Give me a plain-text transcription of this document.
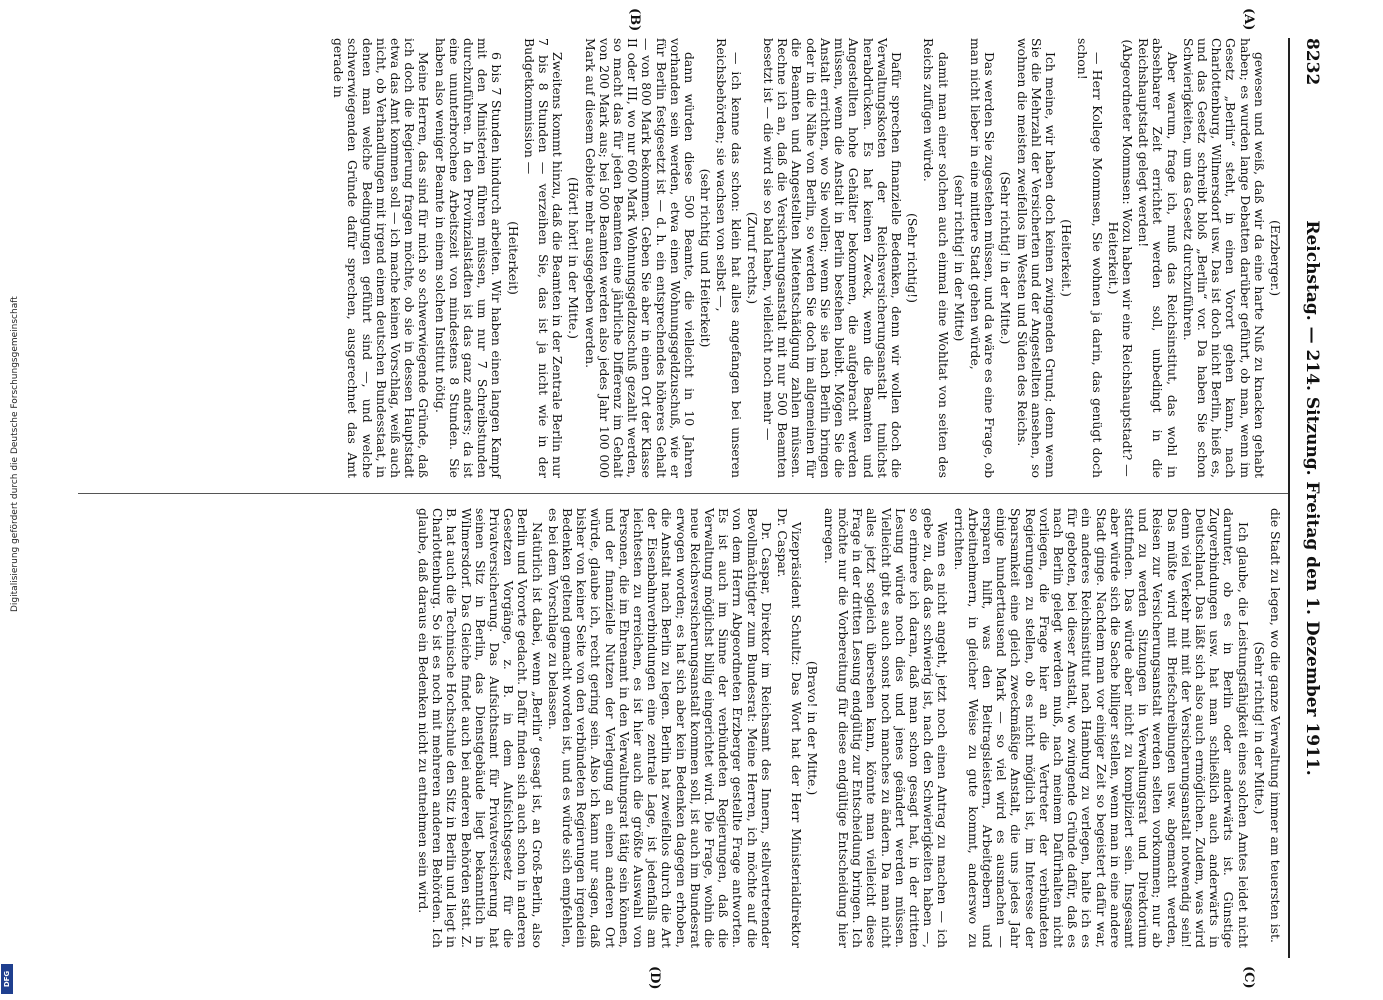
8232
Reichstag. — 214. Sitzung. Freitag den 1. Dezember 1911.
(A)
(B)
(C)
(D)

(Erzberger.)

gewesen und weiß, daß wir da eine harte Nuß zu knacken gehabt haben; es wurden lange Debatten darüber geführt, ob man, wenn im Gesetz „Berlin“ steht, in einen Vorort gehen kann, nach Charlottenburg, Wilmersdorf usw. Das ist doch nicht Berlin, hieß es, und das Gesetz schreibt bloß „Berlin“ vor. Da haben Sie schon Schwierigkeiten, um das Gesetz durchzuführen.

Aber warum, frage ich, muß das Reichsinstitut, das wohl in absehbarer Zeit errichtet werden soll, unbedingt in die Reichshauptstadt gelegt werden!

(Abgeordneter Mommsen: Wozu haben wir eine Reichshauptstadt? — Heiterkeit.)

— Herr Kollege Mommsen, Sie wohnen ja darin, das genügt doch schon!

(Heiterkeit.)

Ich meine, wir haben doch keinen zwingenden Grund; denn wenn Sie die Mehrzahl der Versicherten und der Angestellten ansehen, so wohnen die meisten zweifellos im Westen und Süden des Reichs.

(Sehr richtig! in der Mitte.)

Das werden Sie zugestehen müssen, und da wäre es eine Frage, ob man nicht lieber in eine mittlere Stadt gehen würde,

(sehr richtig! in der Mitte)

damit man einer solchen auch einmal eine Wohltat von seiten des Reichs zufügen würde.

(Sehr richtig!)

Dafür sprechen finanzielle Bedenken, denn wir wollen doch die Verwaltungskosten der Reichsversicherungsanstalt tunlichst herabdrücken. Es hat keinen Zweck, wenn die Beamten und Angestellten hohe Gehälter bekommen, die aufgebracht werden müssen, wenn die Anstalt in Berlin bestehen bleibt. Mögen Sie die Anstalt errichten, wo Sie wollen; wenn Sie sie nach Berlin bringen oder in die Nähe von Berlin, so werden Sie doch im allgemeinen für die Beamten und Angestellten Mietentschädigung zahlen müssen. Rechne ich an, daß die Versicherungsanstalt mit nur 500 Beamten besetzt ist — die wird sie so bald haben, vielleicht noch mehr —

(Zuruf rechts.)

— ich kenne das schon: klein hat alles angefangen bei unseren Reichsbehörden; sie wachsen von selbst —,

(sehr richtig und Heiterkeit)

dann würden diese 500 Beamte, die vielleicht in 10 Jahren vorhanden sein werden, etwa einen Wohnungsgeldzuschuß, wie er für Berlin festgesetzt ist — d. h. ein entsprechendes höheres Gehalt — von 800 Mark bekommen. Geben Sie aber in einen Ort der Klasse II oder III, wo nur 600 Mark Wohnungsgeldzuschuß gezahlt werden, so macht das für jeden Beamten eine jährliche Differenz im Gehalt von 200 Mark aus; bei 500 Beamten werden also jedes Jahr 100 000 Mark auf diesem Gebiete mehr ausgegeben werden.

(Hört! hört! in der Mitte.)

Zweitens kommt hinzu, daß die Beamten in der Zentrale Berlin nur 7 bis 8 Stunden — verzeihen Sie, das ist ja nicht wie in der Budgetkommission —

(Heiterkeit)

6 bis 7 Stunden hindurch arbeiten. Wir haben einen langen Kampf mit den Ministerien führen müssen, um nur 7 Schreibstunden durchzuführen. In den Provinzialstädten ist das ganz anders; da ist eine ununterbrochene Arbeitszeit von mindestens 8 Stunden. Sie haben also weniger Beamte in einem solchen Institut nötig.

Meine Herren, das sind für mich so schwerwiegende Gründe, daß ich doch die Regierung fragen möchte, ob sie in dessen Hauptstadt etwa das Amt kommen soll — ich mache keinen Vorschlag, weiß auch nicht, ob Verhandlungen mit irgend einem deutschen Bundesstaat, in denen man welche Bedingungen geführt sind —, und welche schwerwiegenden Gründe dafür sprechen, ausgerechnet das Amt gerade in

die Stadt zu legen, wo die ganze Verwaltung immer am teuersten ist.

(Sehr richtig! in der Mitte.)

Ich glaube, die Leistungsfähigkeit eines solchen Amtes leidet nicht darunter, ob es in Berlin oder anderwärts ist. Günstige Zugverbindungen usw. hat man schließlich auch anderwärts in Deutschland. Das läßt sich also auch ermöglichen. Zudem, was wird denn viel Verkehr mit mit der Versicherungsanstalt notwendig sein! Das müßte wird mit Briefschreibungen usw. abgemacht werden, Reisen zur Versicherungsanstalt werden selten vorkommen; nur ab und zu werden Sitzungen in Verwaltungsrat und Direktorium stattfinden. Das würde aber nicht zu kompliziert sein. Insgesamt aber würde sich die Sache billiger stellen, wenn man in eine andere Stadt ginge. Nachdem man vor einiger Zeit so begeistert dafür war, ein anderes Reichsinstitut nach Hamburg zu verlegen, halte ich es für geboten, bei dieser Anstalt, wo zwingende Gründe dafür, daß es nach Berlin gelegt werden muß, nach meinem Dafürhalten nicht vorliegen, die Frage hier an die Vertreter der verbündeten Regierungen zu stellen, ob es nicht möglich ist, im Interesse der Sparsamkeit eine gleich zweckmäßige Anstalt, die uns jedes Jahr einige hunderttausend Mark — so viel wird es ausmachen — ersparen hilft, was den Beitragsleistern, Arbeitgebern und Arbeitnehmern, in gleicher Weise zu gute kommt, anderswo zu errichten.

Wenn es nicht angeht, jetzt noch einen Antrag zu machen — ich gebe zu, daß das schwierig ist, nach den Schwierigkeiten haben —, so erinnere ich daran, daß man schon gesagt hat, in der dritten Lesung würde noch dies und jenes geändert werden müssen. Vielleicht gibt es auch sonst noch manches zu ändern. Da man nicht alles jetzt sogleich übersehen kann, könnte man vielleicht diese Frage in der dritten Lesung endgültig zur Entscheidung bringen. Ich möchte nur die Vorbereitung für diese endgültige Entscheidung hier anregen.

(Bravo! in der Mitte.)

Vizepräsident Schultz: Das Wort hat der Herr Ministerialdirektor Dr. Caspar.

Dr. Caspar, Direktor im Reichsamt des Innern, stellvertretender Bevollmächtigter zum Bundesrat: Meine Herren, ich möchte auf die von dem Herrn Abgeordneten Erzberger gestellte Frage antworten. Es ist auch im Sinne der verbündeten Regierungen, daß die Verwaltung möglichst billig eingerichtet wird. Die Frage, wohin die neue Reichsversicherungsanstalt kommen soll, ist auch im Bundesrat erwogen worden; es hat sich aber kein Bedenken dagegen erhoben, die Anstalt nach Berlin zu legen. Berlin hat zweifellos durch die Art der Eisenbahnverbindungen eine zentrale Lage, ist jedenfalls am leichtesten zu erreichen, es ist hier auch die größte Auswahl von Personen, die im Ehrenamt in den Verwaltungsrat tätig sein können, und der finanzielle Nutzen der Verlegung an einen anderen Ort würde, glaube ich, recht gering sein. Also ich kann nur sagen, daß bisher von keiner Seite von den verbündeten Regierungen irgendein Bedenken geltend gemacht worden ist, und es würde sich empfehlen, es bei dem Vorschlage zu belassen.

Natürlich ist dabei, wenn „Berlin“ gesagt ist, an Groß-Berlin, also Berlin und Vororte gedacht. Dafür finden sich auch schon in anderen Gesetzen Vorgänge, z. B. in dem Aufsichtsgesetz für die Privatversicherung. Das Aufsichtsamt für Privatversicherung hat seinen Sitz in Berlin, das Dienstgebäude liegt bekanntlich in Wilmersdorf. Das Gleiche findet auch bei anderen Behörden statt. Z. B. hat auch die Technische Hochschule den Sitz in Berlin und liegt in Charlottenburg. So ist es noch mit mehreren anderen Behörden. Ich glaube, daß daraus ein Bedenken nicht zu entnehmen sein wird.

Digitalisierung gefördert durch die Deutsche Forschungsgemeinschaft
DFG
